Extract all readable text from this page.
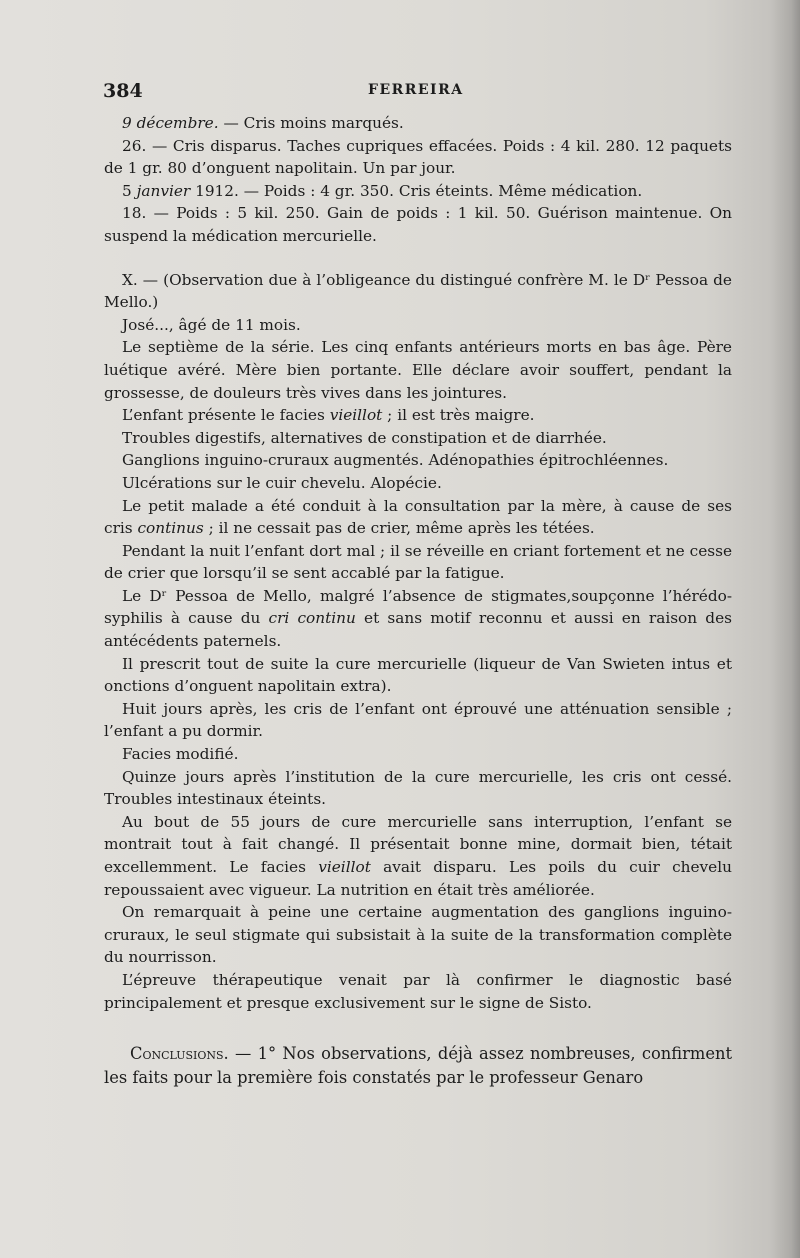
384	FERREIRA

9 décembre. — Cris moins marqués.

26. — Cris disparus. Taches cupriques effacées. Poids : 4 kil. 280. 12 paquets de 1 gr. 80 d’onguent napolitain. Un par jour.

5 janvier 1912. — Poids : 4 gr. 350. Cris éteints. Même médication.

18. — Poids : 5 kil. 250. Gain de poids : 1 kil. 50. Guérison maintenue. On suspend la médication mercurielle.

X. — (Observation due à l’obligeance du distingué confrère M. le Dʳ Pessoa de Mello.)

José..., âgé de 11 mois.

Le septième de la série. Les cinq enfants antérieurs morts en bas âge. Père luétique avéré. Mère bien portante. Elle déclare avoir souffert, pendant la grossesse, de douleurs très vives dans les jointures.

L’enfant présente le facies vieillot ; il est très maigre.

Troubles digestifs, alternatives de constipation et de diarrhée.

Ganglions inguino-cruraux augmentés. Adénopathies épitrochléennes.

Ulcérations sur le cuir chevelu. Alopécie.

Le petit malade a été conduit à la consultation par la mère, à cause de ses cris continus ; il ne cessait pas de crier, même après les tétées.

Pendant la nuit l’enfant dort mal ; il se réveille en criant fortement et ne cesse de crier que lorsqu’il se sent accablé par la fatigue.

Le Dʳ Pessoa de Mello, malgré l’absence de stigmates,soupçonne l’hérédo-syphilis à cause du cri continu et sans motif reconnu et aussi en raison des antécédents paternels.

Il prescrit tout de suite la cure mercurielle (liqueur de Van Swieten intus et onctions d’onguent napolitain extra).

Huit jours après, les cris de l’enfant ont éprouvé une atténuation sensible ; l’enfant a pu dormir.

Facies modifié.

Quinze jours après l’institution de la cure mercurielle, les cris ont cessé. Troubles intestinaux éteints.

Au bout de 55 jours de cure mercurielle sans interruption, l’enfant se montrait tout à fait changé. Il présentait bonne mine, dormait bien, tétait excellemment. Le facies vieillot avait disparu. Les poils du cuir chevelu repoussaient avec vigueur. La nutrition en était très améliorée.

On remarquait à peine une certaine augmentation des ganglions inguino-cruraux, le seul stigmate qui subsistait à la suite de la transformation complète du nourrisson.

L’épreuve thérapeutique venait par là confirmer le diagnostic basé principalement et presque exclusivement sur le signe de Sisto.

Conclusions. — 1° Nos observations, déjà assez nombreuses, confirment les faits pour la première fois constatés par le professeur Genaro
